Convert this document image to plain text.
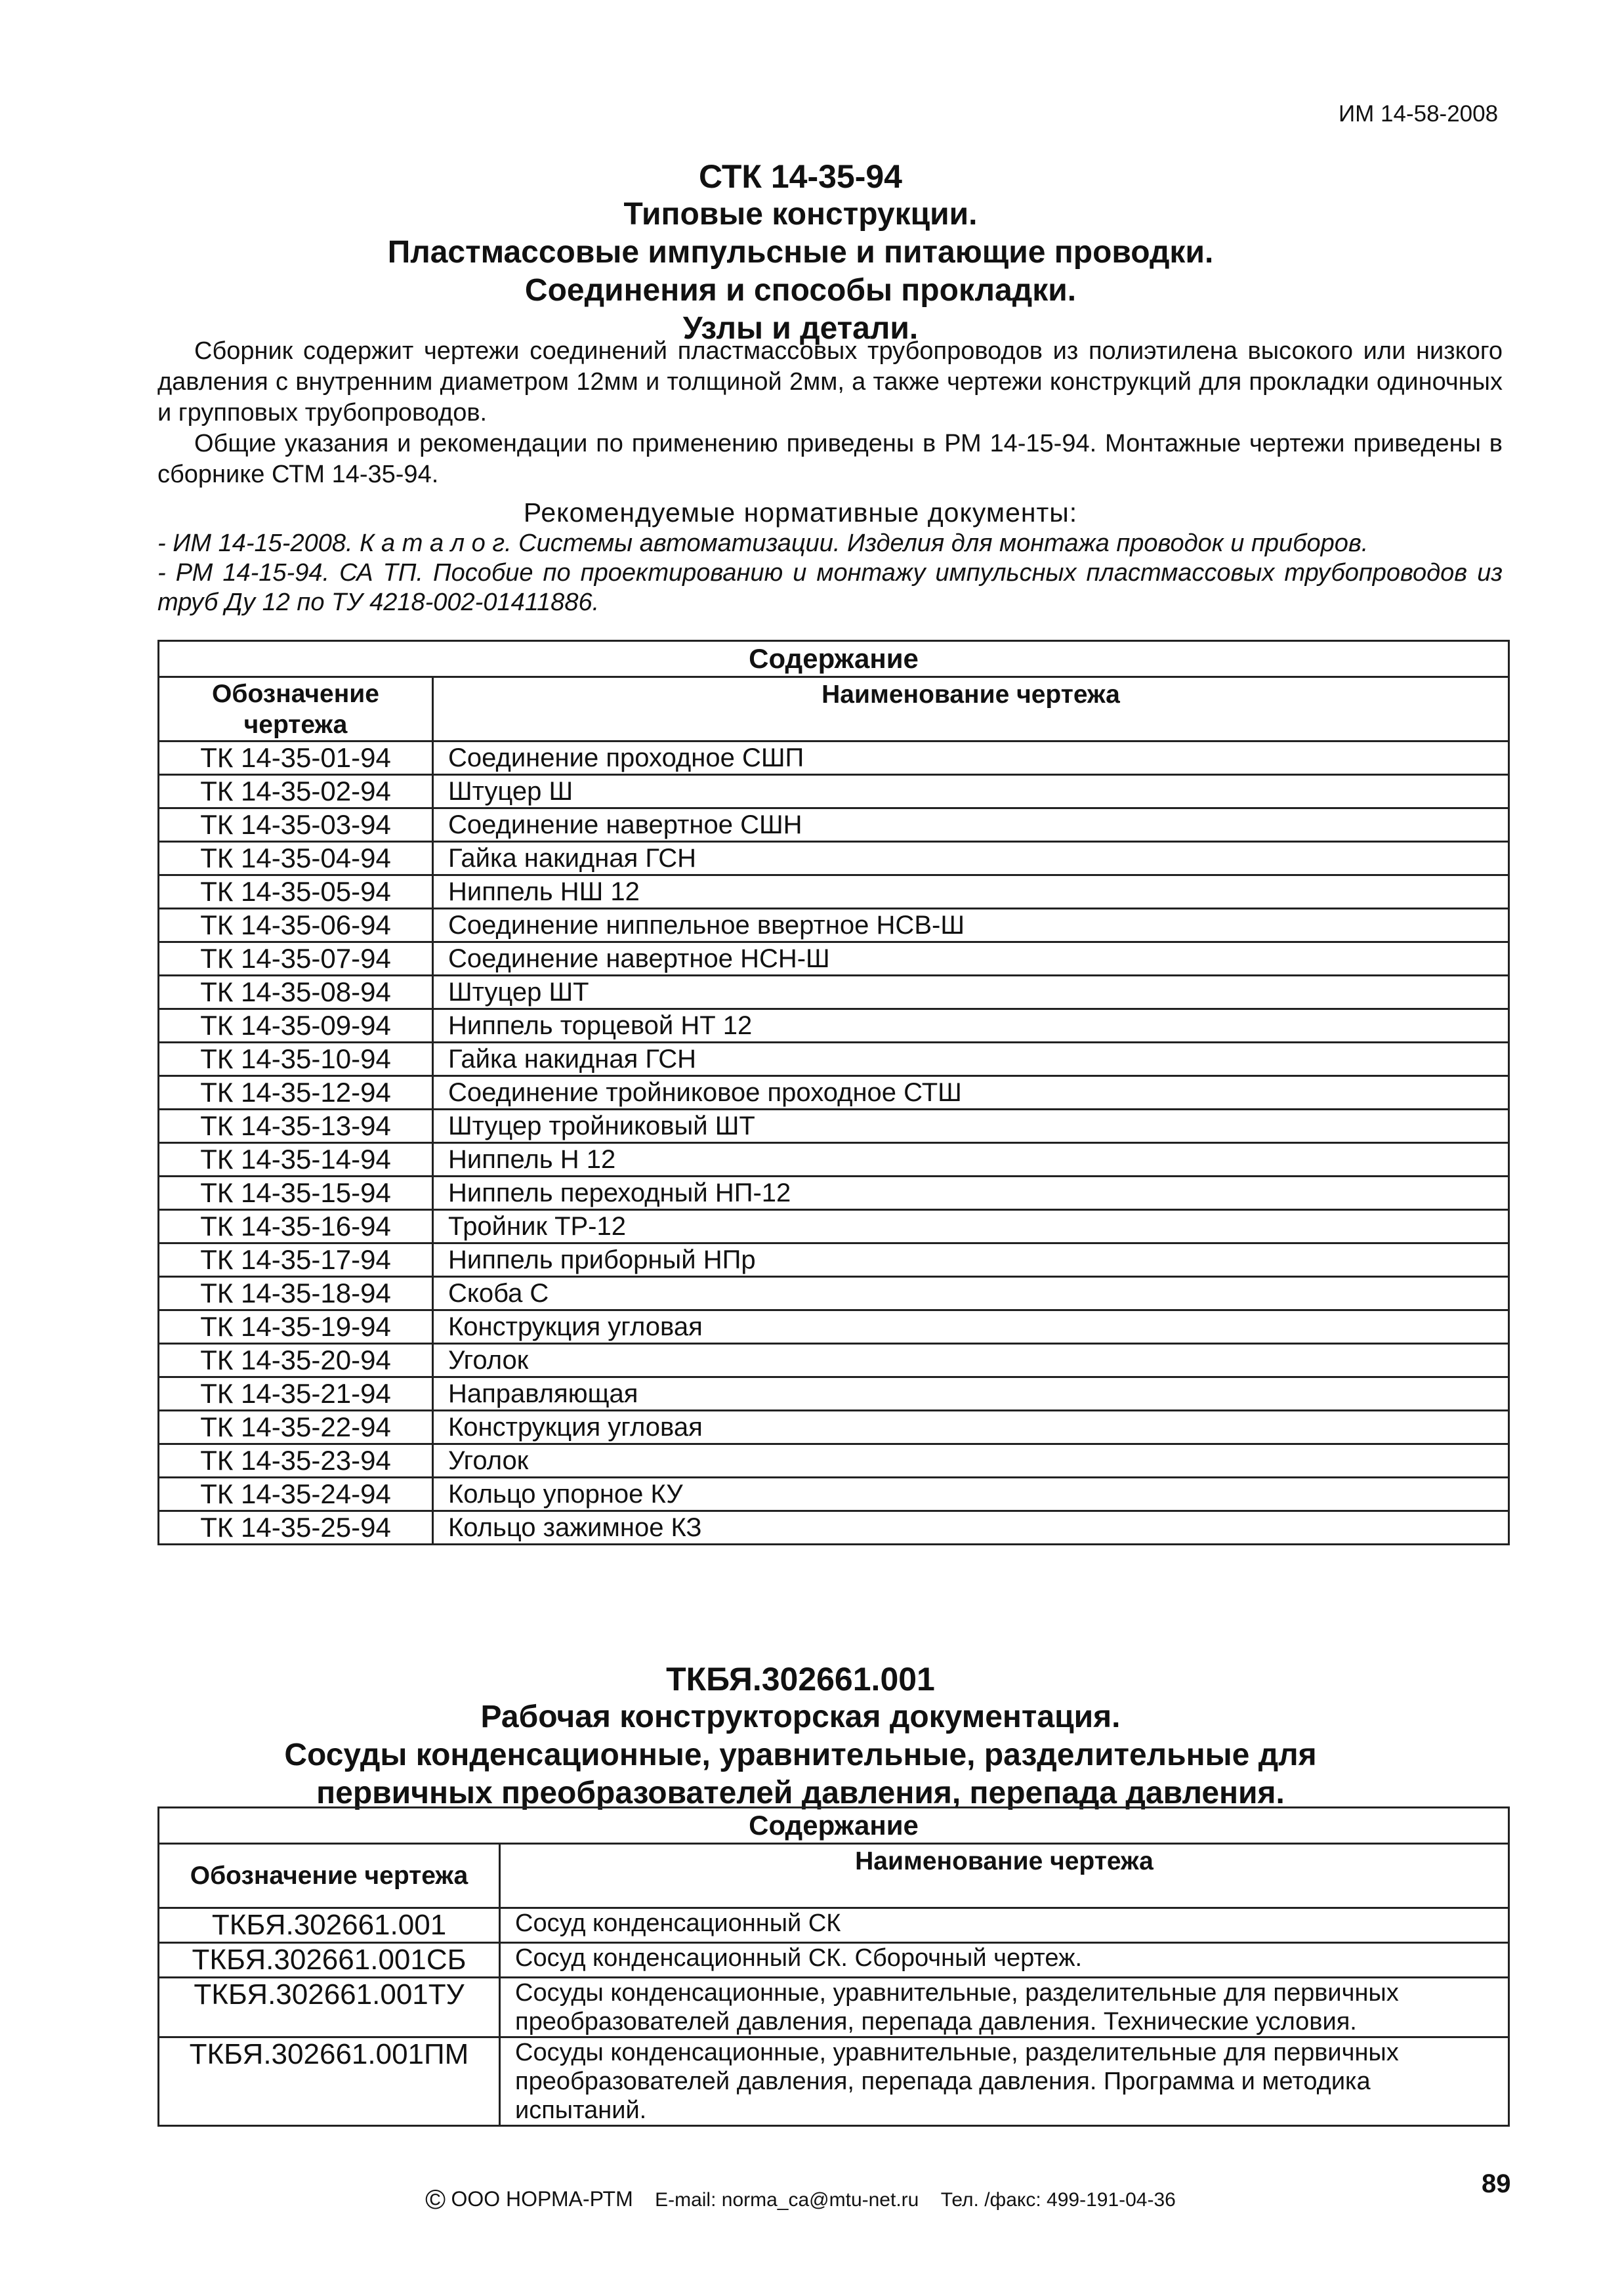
ИМ 14-58-2008
СТК 14-35-94
Типовые конструкции.
Пластмассовые импульсные и питающие проводки.
Соединения и способы прокладки.
Узлы и детали.

Сборник содержит чертежи соединений пластмассовых трубопроводов из полиэтилена высокого или низкого давления с внутренним диаметром 12мм и толщиной 2мм, а также чертежи конструкций для прокладки одиночных и групповых трубопроводов.

Общие указания и рекомендации по применению приведены в РМ 14-15-94. Монтажные чертежи приведены в сборнике СТМ 14-35-94.

Рекомендуемые нормативные документы:

- ИМ 14-15-2008. К а т а л о г. Системы автоматизации. Изделия для монтажа проводок и приборов.

- РМ 14-15-94. СА ТП. Пособие по проектированию и монтажу импульсных пластмассовых трубопроводов из труб Ду 12 по ТУ 4218-002-01411886.

Содержание	
Обозначение чертежа	Наименование чертежа
ТК 14-35-01-94	Соединение проходное СШП
ТК 14-35-02-94	Штуцер Ш
ТК 14-35-03-94	Соединение навертное СШН
ТК 14-35-04-94	Гайка накидная ГСН
ТК 14-35-05-94	Ниппель НШ 12
ТК 14-35-06-94	Соединение ниппельное ввертное НСВ-Ш
ТК 14-35-07-94	Соединение навертное НСН-Ш
ТК 14-35-08-94	Штуцер ШТ
ТК 14-35-09-94	Ниппель торцевой НТ 12
ТК 14-35-10-94	Гайка накидная ГСН
ТК 14-35-12-94	Соединение тройниковое проходное СТШ
ТК 14-35-13-94	Штуцер тройниковый ШТ
ТК 14-35-14-94	Ниппель Н 12
ТК 14-35-15-94	Ниппель переходный НП-12
ТК 14-35-16-94	Тройник ТР-12
ТК 14-35-17-94	Ниппель приборный НПр
ТК 14-35-18-94	Скоба С
ТК 14-35-19-94	Конструкция угловая
ТК 14-35-20-94	Уголок
ТК 14-35-21-94	Направляющая
ТК 14-35-22-94	Конструкция угловая
ТК 14-35-23-94	Уголок
ТК 14-35-24-94	Кольцо упорное КУ
ТК 14-35-25-94	Кольцо зажимное КЗ
ТКБЯ.302661.001
Рабочая конструкторская документация.
Сосуды конденсационные, уравнительные, разделительные для
первичных преобразователей давления, перепада давления.
Содержание	
Обозначение чертежа	Наименование чертежа
ТКБЯ.302661.001	Сосуд конденсационный СК
ТКБЯ.302661.001СБ	Сосуд конденсационный СК. Сборочный чертеж.
ТКБЯ.302661.001ТУ	Сосуды конденсационные, уравнительные, разделительные для первичных преобразователей давления, перепада давления. Технические условия.
ТКБЯ.302661.001ПМ	Сосуды конденсационные, уравнительные, разделительные для первичных преобразователей давления, перепада давления. Программа и методика испытаний.
© ООО НОРМА-РТМ E-mail: norma_ca@mtu-net.ru Тел. /факс: 499-191-04-36
89
